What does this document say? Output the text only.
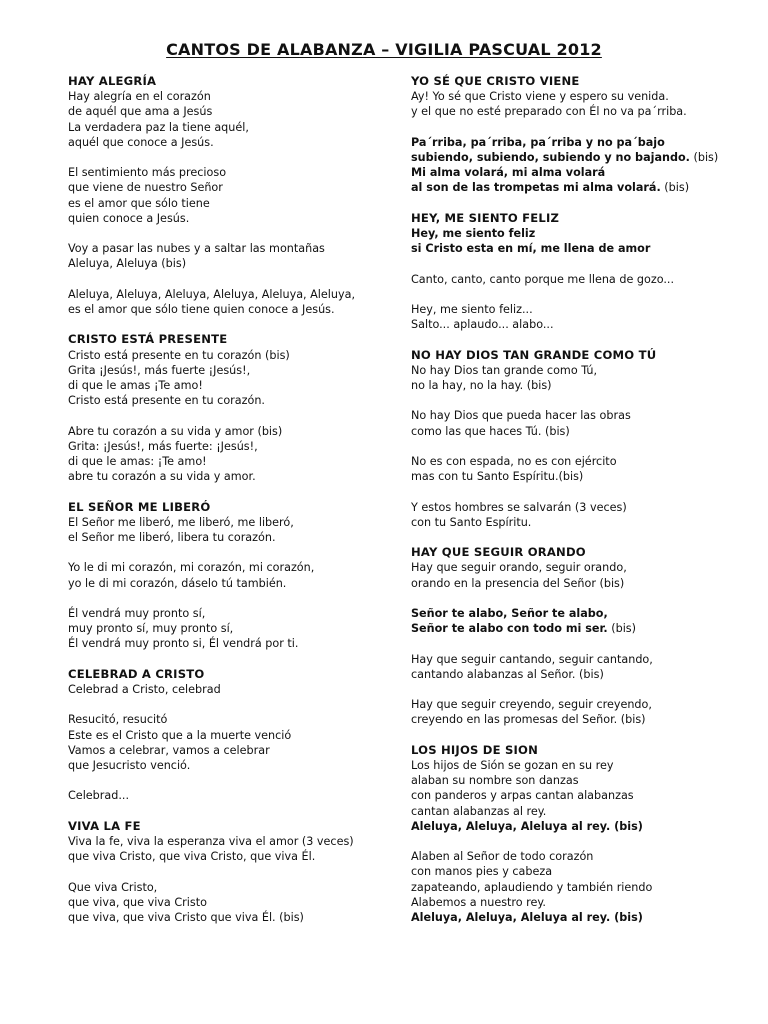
CANTOS DE ALABANZA – VIGILIA PASCUAL 2012
HAY ALEGRÍA
Hay alegría en el corazón
de aquél que ama a Jesús
La verdadera paz la tiene aquél,
aquél que conoce a Jesús.
El sentimiento más precioso
que viene de nuestro Señor
es el amor que sólo tiene
quien conoce a Jesús.
Voy a pasar las nubes y a saltar las montañas
Aleluya, Aleluya (bis)
Aleluya, Aleluya, Aleluya, Aleluya, Aleluya, Aleluya,
es el amor que sólo tiene quien conoce a Jesús.
CRISTO ESTÁ PRESENTE
Cristo está presente en tu corazón (bis)
Grita ¡Jesús!, más fuerte ¡Jesús!,
di que le amas ¡Te amo!
Cristo está presente en tu corazón.
Abre tu corazón a su vida y amor (bis)
Grita: ¡Jesús!, más fuerte: ¡Jesús!,
di que le amas: ¡Te amo!
abre tu corazón a su vida y amor.
EL SEÑOR ME LIBERÓ
El Señor me liberó, me liberó, me liberó,
el Señor me liberó, libera tu corazón.
Yo le di mi corazón, mi corazón, mi corazón,
yo le di mi corazón, dáselo tú también.
Él vendrá muy pronto sí,
muy pronto sí, muy pronto sí,
Él vendrá muy pronto si, Él vendrá por ti.
CELEBRAD A CRISTO
Celebrad a Cristo, celebrad
Resucitó, resucitó
Este es el Cristo que a la muerte venció
Vamos a celebrar, vamos a celebrar
que Jesucristo venció.
Celebrad...
VIVA LA FE
Viva la fe, viva la esperanza viva el amor (3 veces)
que viva Cristo, que viva Cristo, que viva Él.
Que viva Cristo,
que viva, que viva Cristo
que viva, que viva Cristo que viva Él. (bis)
YO SÉ QUE CRISTO VIENE
Ay! Yo sé que Cristo viene y espero su venida.
y el que no esté preparado con Él no va pa´rriba.
Pa´rriba, pa´rriba, pa´rriba y no pa´bajo
subiendo, subiendo, subiendo y no bajando. (bis)
Mi alma volará, mi alma volará
al son de las trompetas mi alma volará. (bis)
HEY, ME SIENTO FELIZ
Hey, me siento feliz
si Cristo esta en mí, me llena de amor
Canto, canto, canto porque me llena de gozo...
Hey, me siento feliz...
Salto... aplaudo... alabo...
NO HAY DIOS TAN GRANDE COMO TÚ
No hay Dios tan grande como Tú,
no la hay, no la hay. (bis)
No hay Dios que pueda hacer las obras
como las que haces Tú. (bis)
No es con espada, no es con ejército
mas con tu Santo Espíritu.(bis)
Y estos hombres se salvarán (3 veces)
con tu Santo Espíritu.
HAY QUE SEGUIR ORANDO
Hay que seguir orando, seguir orando,
orando en la presencia del Señor (bis)
Señor te alabo, Señor te alabo,
Señor te alabo con todo mi ser. (bis)
Hay que seguir cantando, seguir cantando,
cantando alabanzas al Señor. (bis)
Hay que seguir creyendo, seguir creyendo,
creyendo en las promesas del Señor. (bis)
LOS HIJOS DE SION
Los hijos de Sión se gozan en su rey
alaban su nombre son danzas
con panderos y arpas cantan alabanzas
cantan alabanzas al rey.
Aleluya, Aleluya, Aleluya al rey. (bis)
Alaben al Señor de todo corazón
con manos pies y cabeza
zapateando, aplaudiendo y también riendo
Alabemos a nuestro rey.
Aleluya, Aleluya, Aleluya al rey. (bis)
